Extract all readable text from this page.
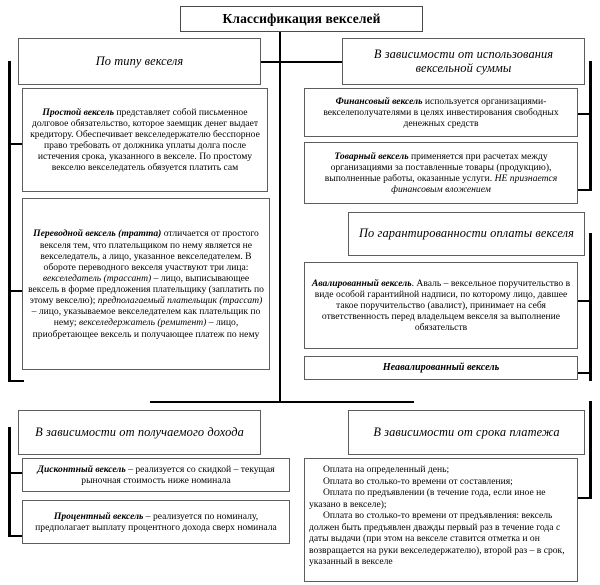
Классификация векселей
По типу векселя
Простой вексель представляет собой письменное долговое обязательство, которое заемщик денег выдает кредитору. Обеспечивает векселедержателю бесспорное право требовать от должника уплаты долга после истечения срока, указанного в векселе. По простому векселю векселедатель обязуется платить сам
Переводной вексель (тратта) отличается от простого векселя тем, что плательщиком по нему является не векселедатель, а лицо, указанное векселедателем. В обороте переводного векселя участвуют три лица: векселедатель (трассант) – лицо, выписывающее вексель в форме предложения плательщику (заплатить по этому векселю); предполагаемый плательщик (трассат) – лицо, указываемое векселедателем как плательщик по нему; векселедержатель (ремитент) – лицо, приобретающее вексель и получающее платеж по нему
В зависимости от использования вексельной суммы
Финансовый вексель используется организациями-векселеполучателями в целях инвестирования свободных денежных средств
Товарный вексель применяется при расчетах между организациями за поставленные товары (продукцию), выполненные работы, оказанные услуги. НЕ признается финансовым вложением
По гарантированности оплаты векселя
Авалированный вексель. Аваль – вексельное поручительство в виде особой гарантийной надписи, по которому лицо, давшее такое поручительство (авалист), принимает на себя ответственность перед владельцем векселя за выполнение обязательств
Неавалированный вексель
В зависимости от получаемого дохода
Дисконтный вексель – реализуется со скидкой – текущая рыночная стоимость ниже номинала
Процентный вексель – реализуется по номиналу, предполагает выплату процентного дохода сверх номинала
В зависимости от срока платежа

Оплата на определенный день;

Оплата во столько-то времени от составления;

Оплата по предъявлении (в течение года, если иное не указано в векселе);

Оплата во столько-то времени от предъявления: вексель должен быть предъявлен дважды первый раз в течение года с даты выдачи (при этом на векселе ставится отметка и он возвращается на руки векселедержателю), второй раз – в срок, указанный в векселе
